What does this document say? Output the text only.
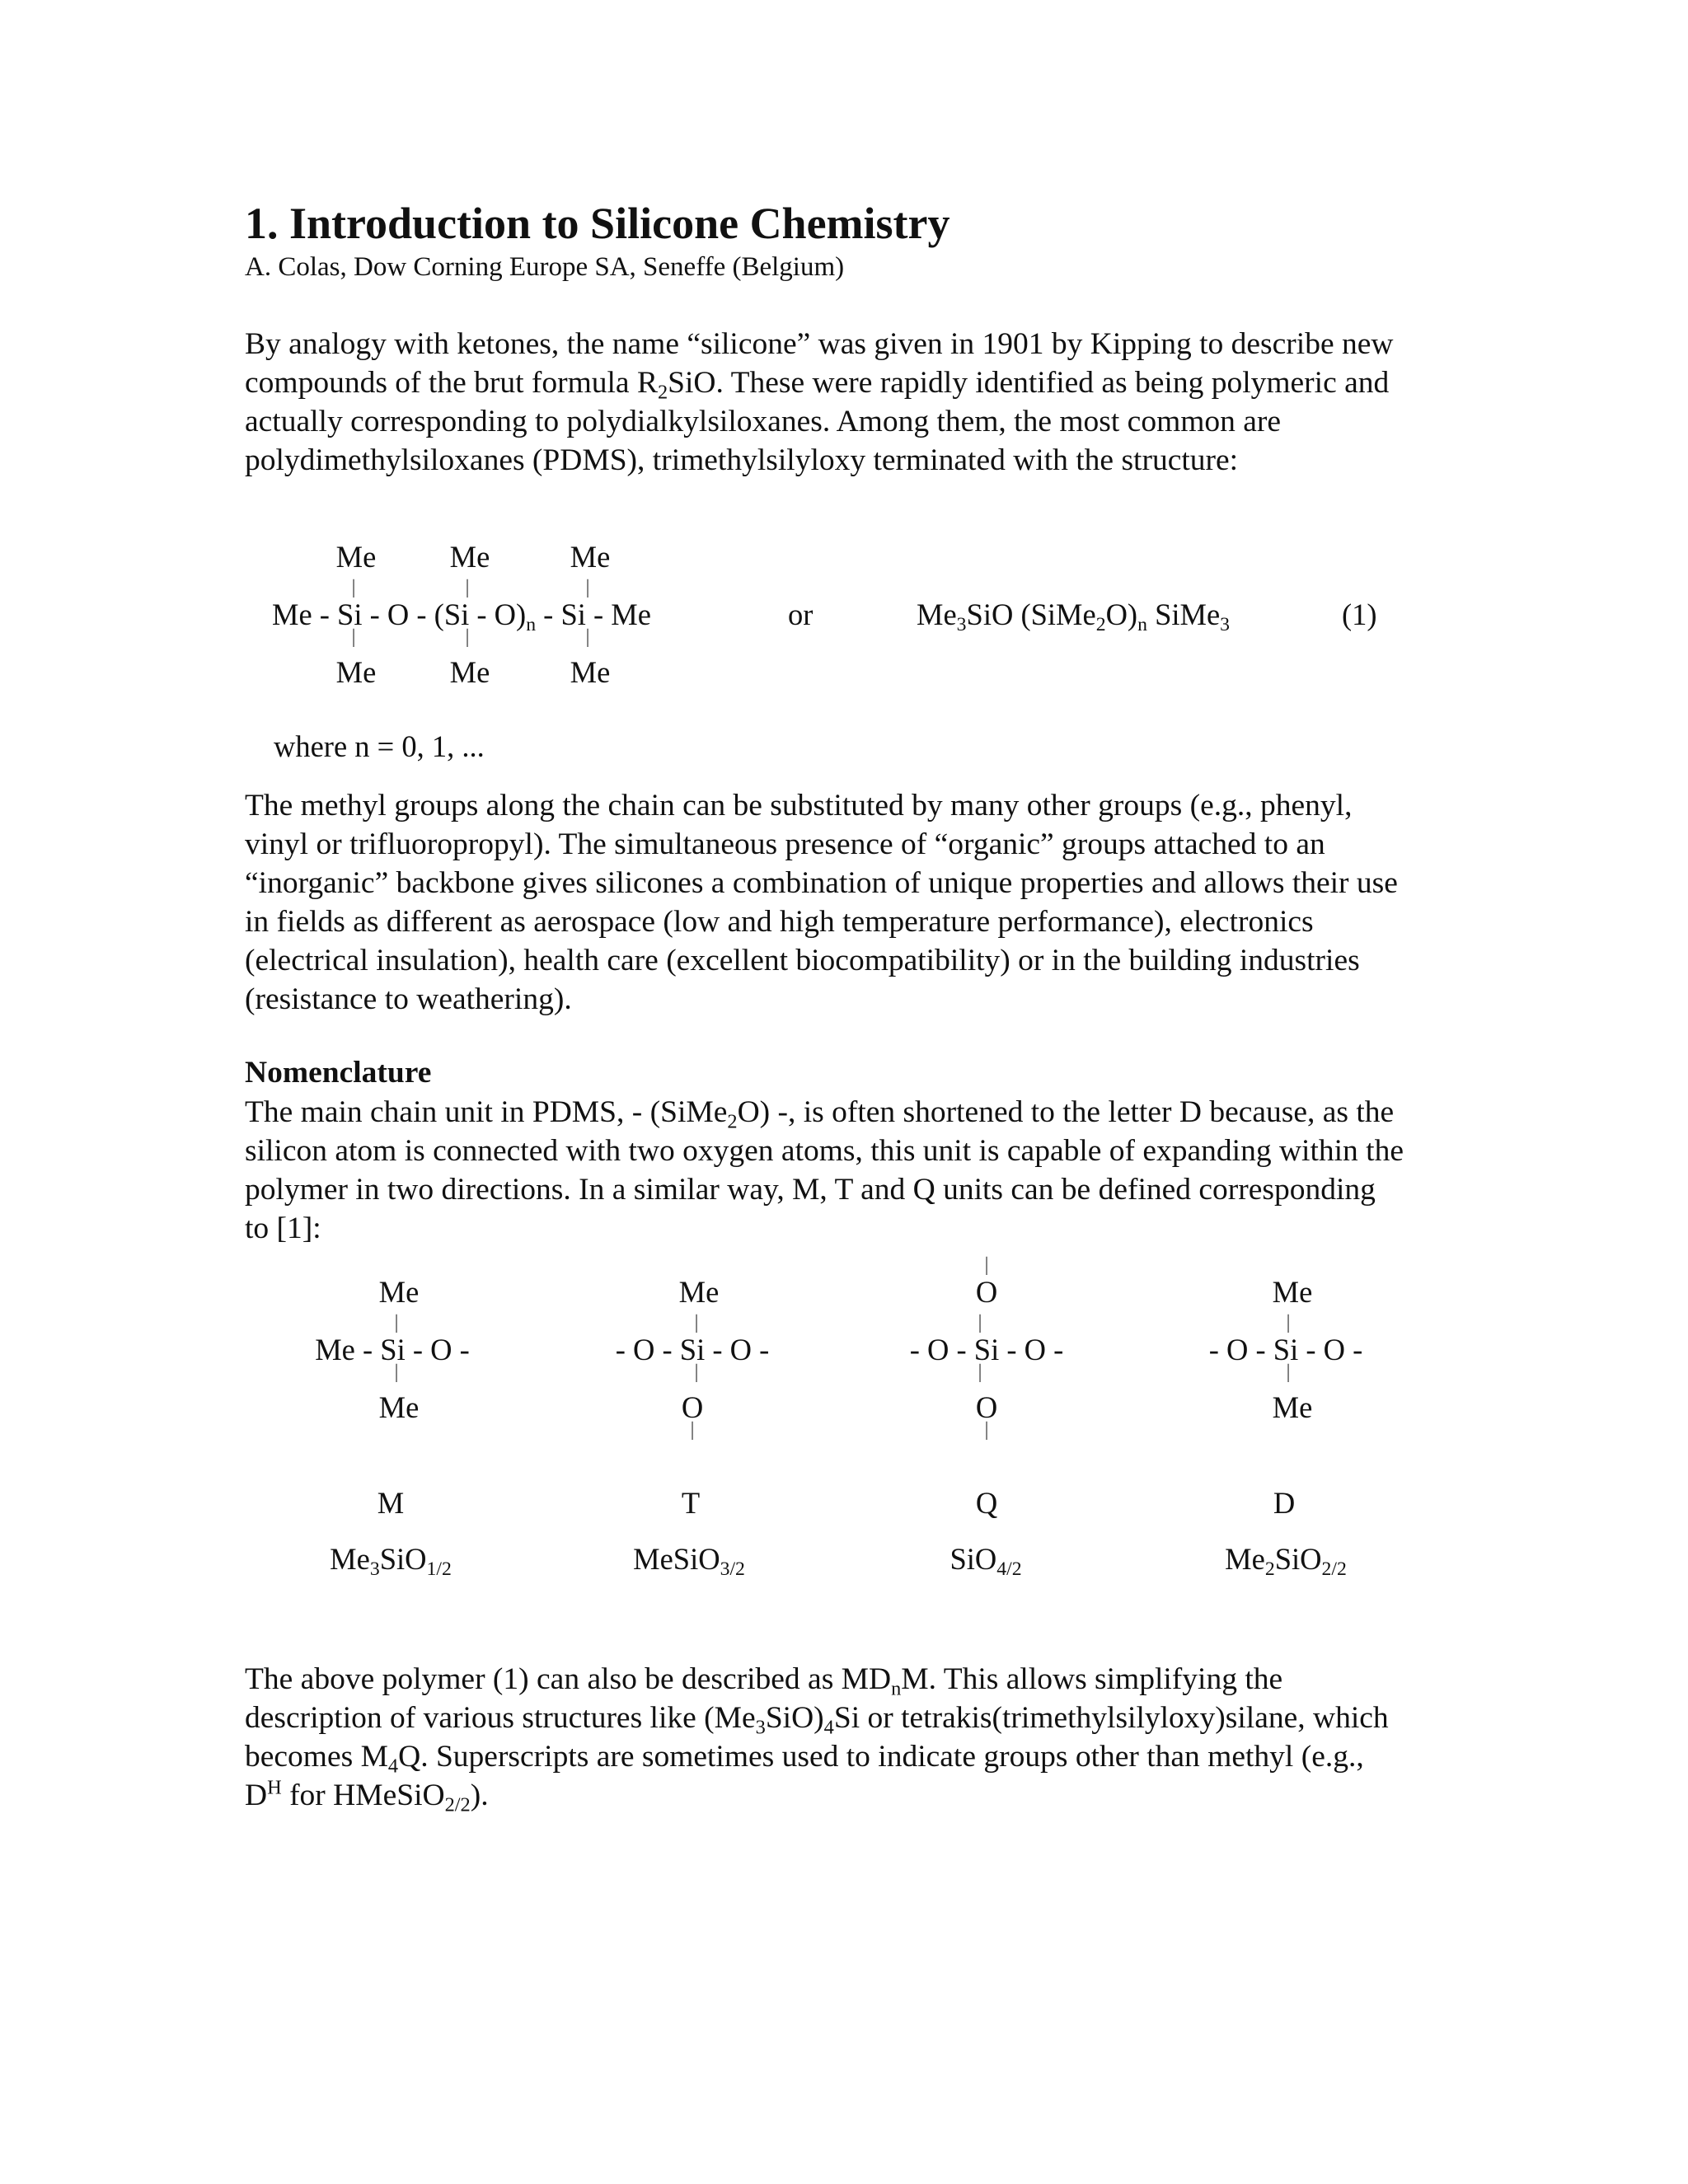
1. Introduction to Silicone Chemistry
A. Colas, Dow Corning Europe SA, Seneffe (Belgium)
By analogy with ketones, the name “silicone” was given in 1901 by Kipping to describe new
compounds of the brut formula $R_2SiO$. These were rapidly identified as being polymeric and
actually corresponding to polydialkylsiloxanes. Among them, the most common are
polydimethylsiloxanes (PDMS), trimethylsilyloxy terminated with the structure:
Me Me	Me
|	|	|
Me - Si - O - $(Si - O)_n$ - Si - Me
|	|	|
Me Me	Me
or	$Me_3SiO$ $(SiMe_2O)_n$ SiMe$_3$	(1)
where n = 0, 1, ...
The methyl groups along the chain can be substituted by many other groups (e.g., phenyl,
vinyl or trifluoropropyl). The simultaneous presence of “organic” groups attached to an
“inorganic” backbone gives silicones a combination of unique properties and allows their use
in fields as different as aerospace (low and high temperature performance), electronics
(electrical insulation), health care (excellent biocompatibility) or in the building industries
(resistance to weathering).
Nomenclature
The main chain unit in PDMS, - (SiMe$_2$O) -, is often shortened to the letter D because, as the
silicon atom is connected with two oxygen atoms, this unit is capable of expanding within the
polymer in two directions. In a similar way, M, T and Q units can be defined corresponding
to [1]:
Me
|
Me - Si - O -
|
Me
M
$Me_3SiO_{1/2}$
Me
|
- O - Si - O -
|
O
|
T
MeSiO$_{3/2}$
|
O
|
- O - Si - O -
|
O
|
Q
SiO$_{4/2}$
Me
|
- O - Si - O -
|
Me
D
$Me_2SiO_{2/2}$
The above polymer (1) can also be described as $MD_nM$. This allows simplifying the
description of various structures like $(Me_3SiO)_4Si$ or tetrakis(trimethylsilyloxy)silane, which
becomes $M_4Q$. Superscripts are sometimes used to indicate groups other than methyl (e.g.,
$D^H$ for HMeSiO$_{2/2}$).
